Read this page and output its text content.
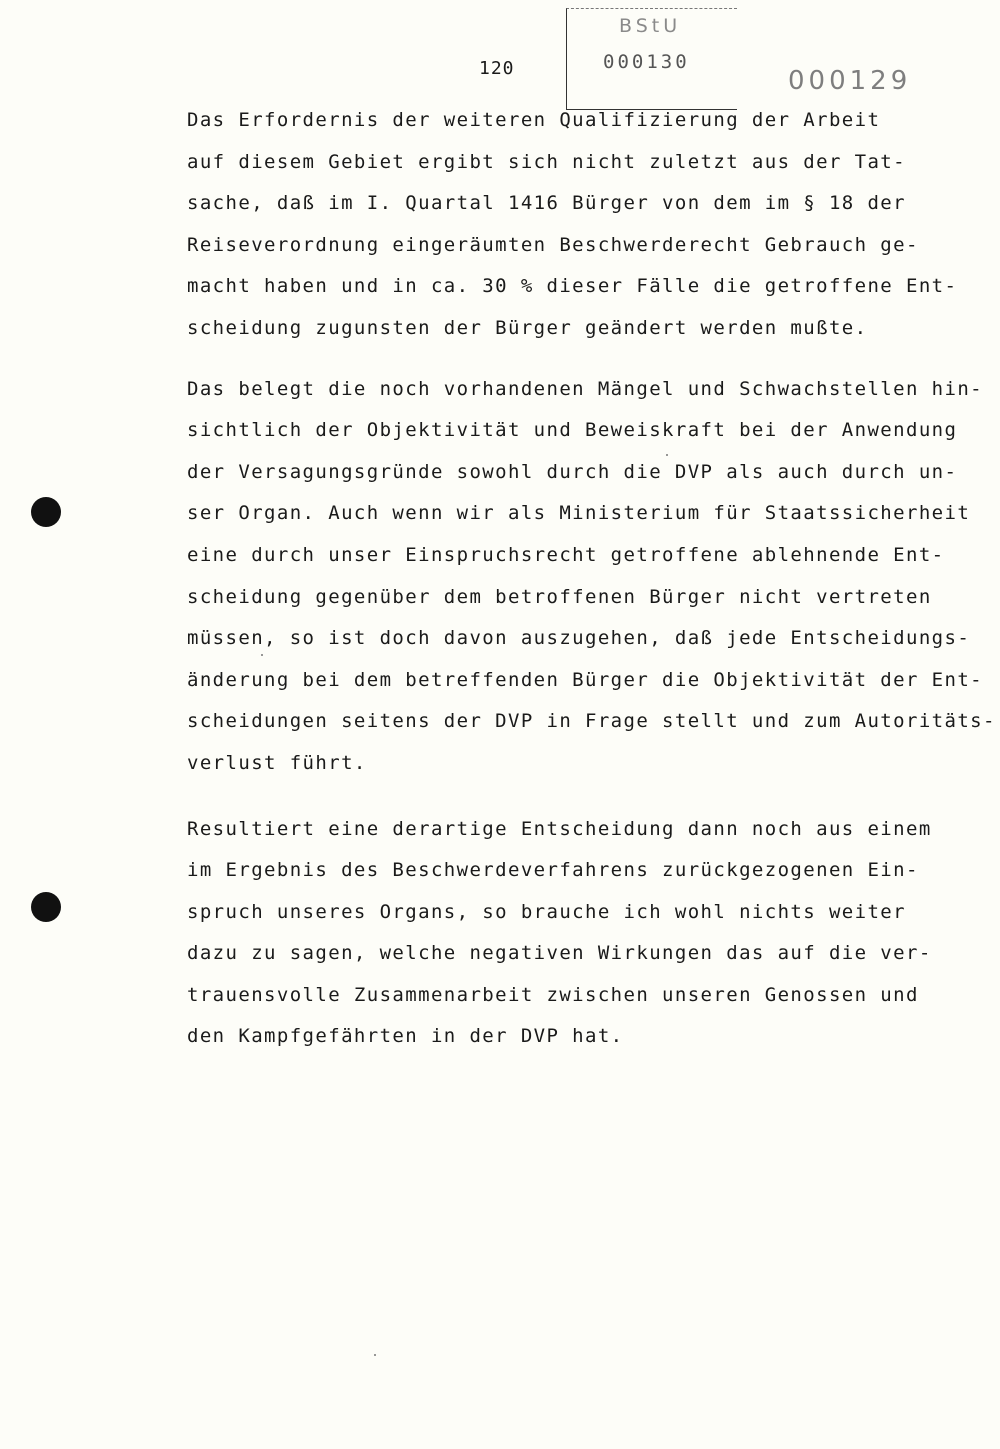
120
BStU
000130
000129
Das Erfordernis der weiteren Qualifizierung der Arbeit
auf diesem Gebiet ergibt sich nicht zuletzt aus der Tat-
sache, daß im I. Quartal 1416 Bürger von dem im § 18 der
Reiseverordnung eingeräumten Beschwerderecht Gebrauch ge-
macht haben und in ca. 30 % dieser Fälle die getroffene Ent-
scheidung zugunsten der Bürger geändert werden mußte.
Das belegt die noch vorhandenen Mängel und Schwachstellen hin-
sichtlich der Objektivität und Beweiskraft bei der Anwendung
der Versagungsgründe sowohl durch die DVP als auch durch un-
ser Organ. Auch wenn wir als Ministerium für Staatssicherheit
eine durch unser Einspruchsrecht getroffene ablehnende Ent-
scheidung gegenüber dem betroffenen Bürger nicht vertreten
müssen, so ist doch davon auszugehen, daß jede Entscheidungs-
änderung bei dem betreffenden Bürger die Objektivität der Ent-
scheidungen seitens der DVP in Frage stellt und zum Autoritäts-
verlust führt.
Resultiert eine derartige Entscheidung dann noch aus einem
im Ergebnis des Beschwerdeverfahrens zurückgezogenen Ein-
spruch unseres Organs, so brauche ich wohl nichts weiter
dazu zu sagen, welche negativen Wirkungen das auf die ver-
trauensvolle Zusammenarbeit zwischen unseren Genossen und
den Kampfgefährten in der DVP hat.
